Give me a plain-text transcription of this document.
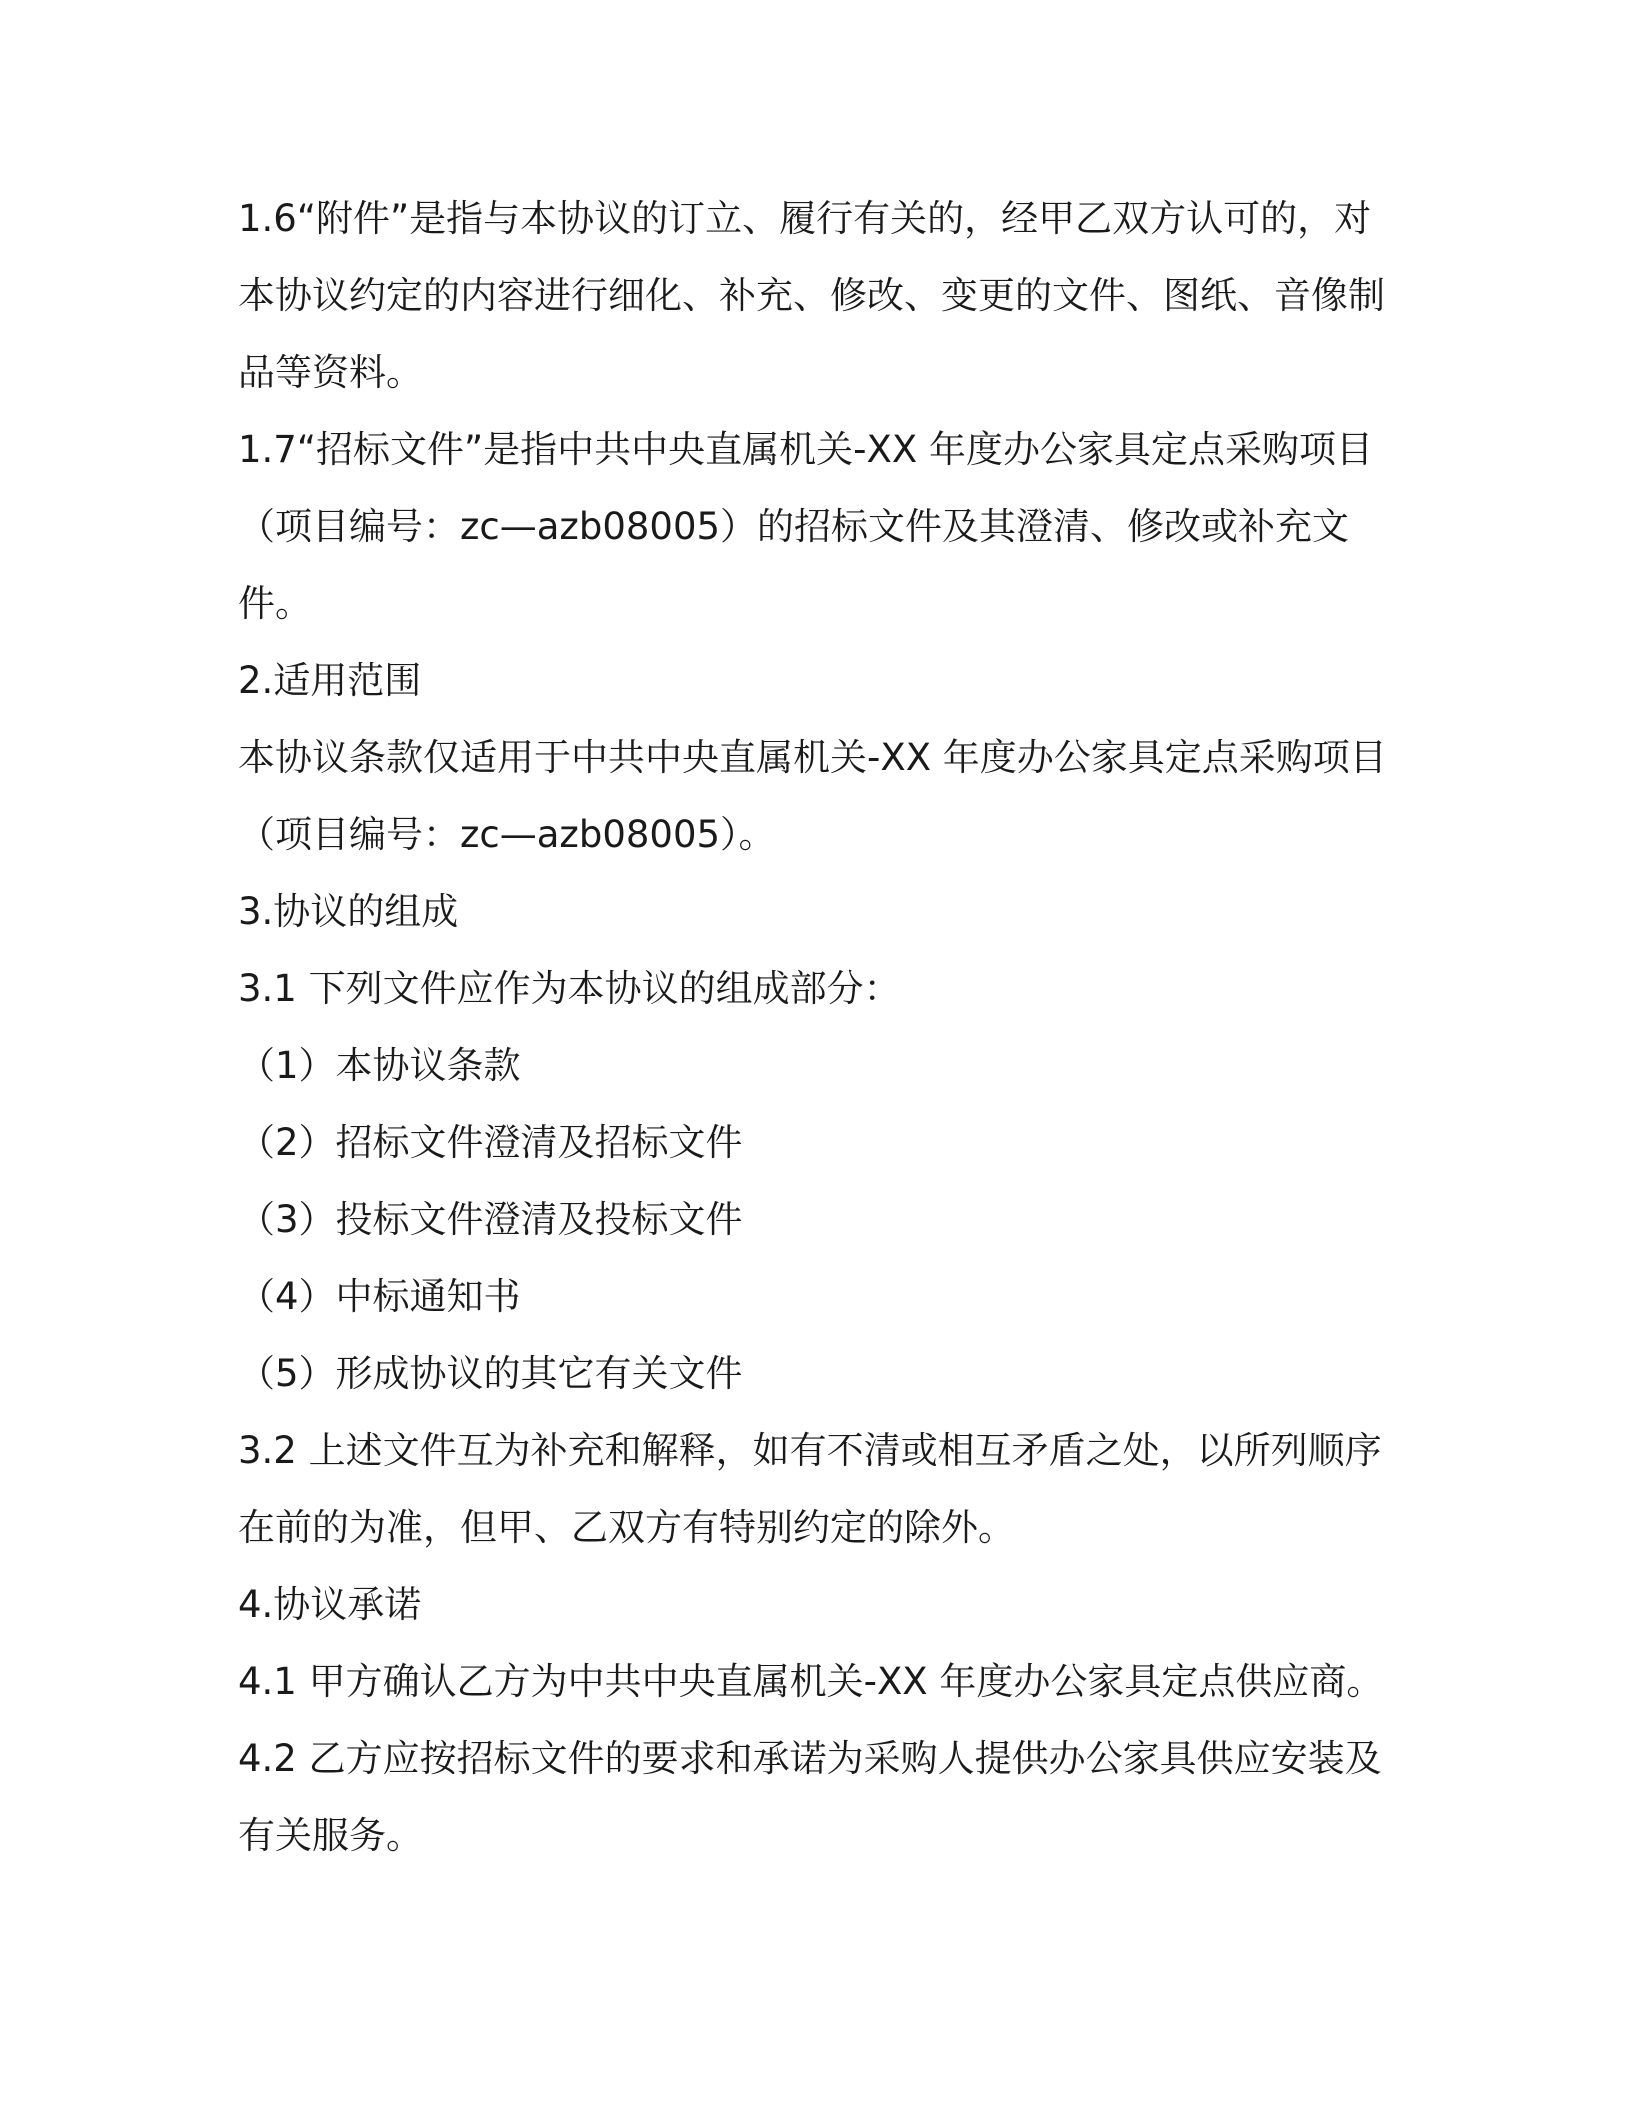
1.6“附件”是指与本协议的订立、履行有关的，经甲乙双方认可的，对本协议约定的内容进行细化、补充、修改、变更的文件、图纸、音像制品等资料。

1.7“招标文件”是指中共中央直属机关-XX 年度办公家具定点采购项目（项目编号：zc—azb08005）的招标文件及其澄清、修改或补充文件。

2.适用范围

本协议条款仅适用于中共中央直属机关-XX 年度办公家具定点采购项目（项目编号：zc—azb08005）。

3.协议的组成

3.1 下列文件应作为本协议的组成部分：

（1）本协议条款

（2）招标文件澄清及招标文件

（3）投标文件澄清及投标文件

（4）中标通知书

（5）形成协议的其它有关文件

3.2 上述文件互为补充和解释，如有不清或相互矛盾之处，以所列顺序在前的为准，但甲、乙双方有特别约定的除外。

4.协议承诺

4.1 甲方确认乙方为中共中央直属机关-XX 年度办公家具定点供应商。

4.2 乙方应按招标文件的要求和承诺为采购人提供办公家具供应安装及有关服务。
